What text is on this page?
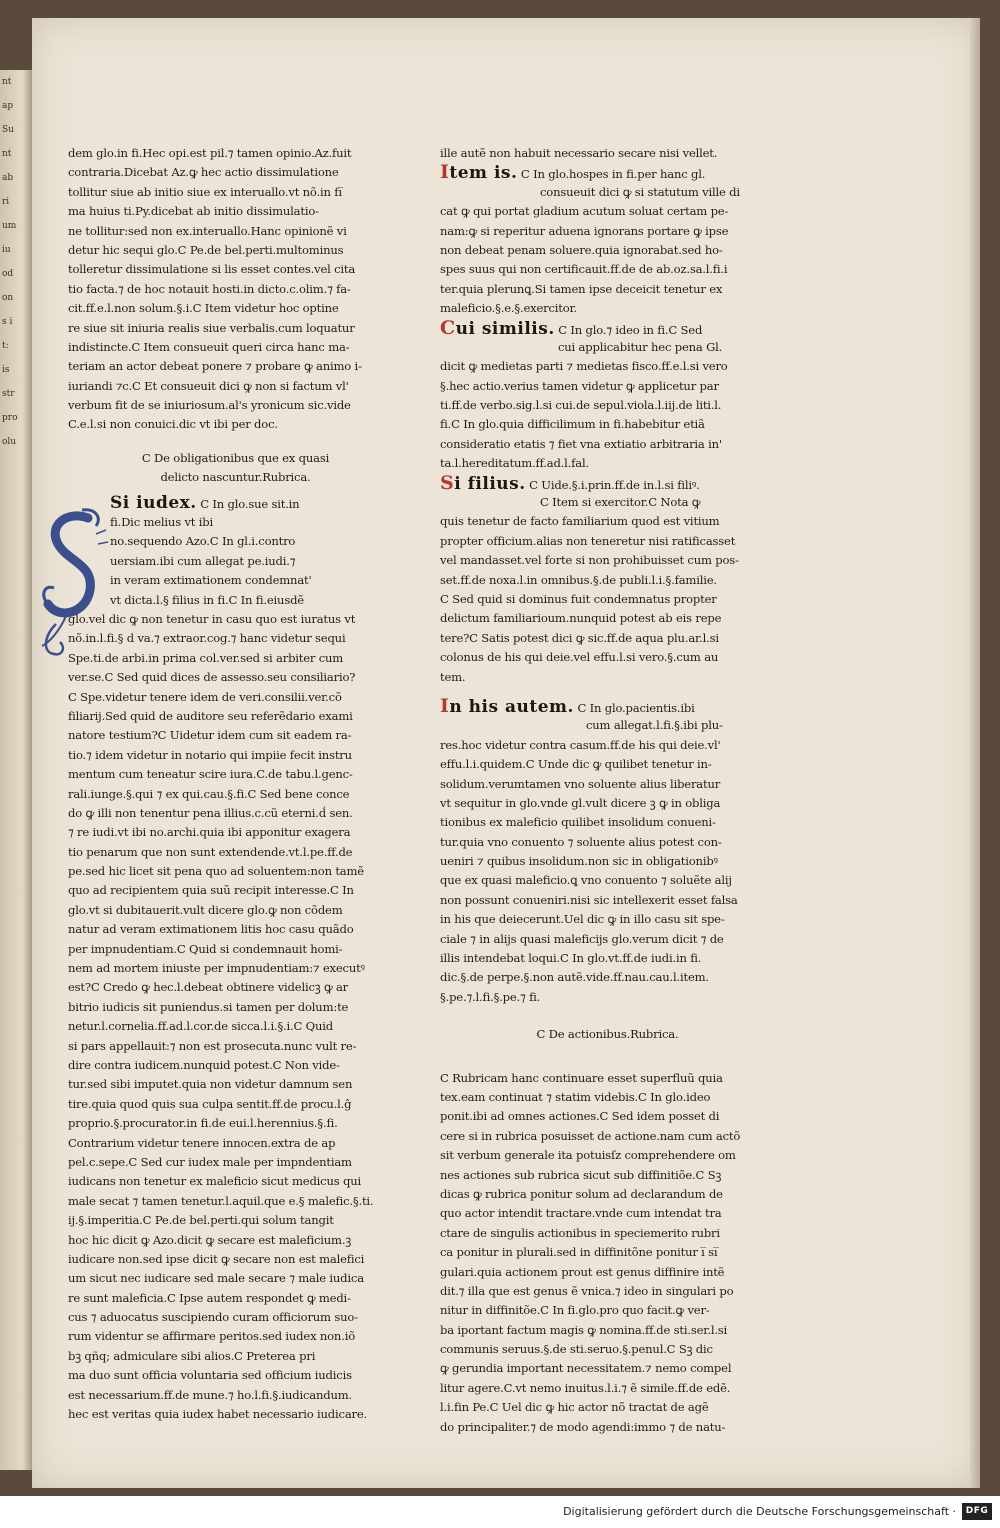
nt
ap
Su
nt
ab
ri
um
iu
od
on
s i
t:
is
str
pro
olu
dem glo.in fi.Hec opi.est pil.⁊ tamen opinio.Az.fuit
contraria.Dicebat Az.ꝙ hec actio dissimulatione
tollitur siue ab initio siue ex interuallo.vt nõ.in fi̅
ma huius ti.Py.dicebat ab initio dissimulatio-
ne tollitur:sed non ex.interuallo.Hanc opinionẽ vi
detur hic sequi glo.C Pe.de bel.perti.multominus
tolleretur dissimulatione si lis esset contes.vel cita
tio facta.⁊ de hoc notauit hosti.in dicto.c.olim.⁊ fa-
cit.ff.e.l.non solum.§.i.C Item videtur hoc optine
re siue sit iniuria realis siue verbalis.cum loquatur
indistincte.C Item consueuit queri circa hanc ma-
teriam an actor debeat ponere ⁊ probare ꝙ animo i-
iuriandi ⁊c.C Et consueuit dici ꝙ non si factum vl'
verbum fit de se iniuriosum.al's yronicum sic.vide
C.e.l.si non conuici.dic vt ibi per doc.
C De obligationibus que ex quasi
delicto nascuntur.Rubrica.
Si iudex. C In glo.sue sit.in
fi.Dic melius vt ibi
no.sequendo Azo.C In gl.i.contro
uersiam.ibi cum allegat pe.iudi.⁊
in veram extimationem condemnat'
vt dicta.l.§ filius in fi.C In fi.eiusdẽ
glo.vel dic ꝙ non tenetur in casu quo est iuratus vt
nõ.in.l.fi.§ d va.⁊ extraor.cog.⁊ hanc videtur sequi
Spe.ti.de arbi.in prima col.ver.sed si arbiter cum
ver.se.C Sed quid dices de assesso.seu consiliario?
C Spe.videtur tenere idem de veri.consilii.ver.cõ
filiarij.Sed quid de auditore seu referẽdario exami
natore testium?C Uidetur idem cum sit eadem ra-
tio.⁊ idem videtur in notario qui impiie fecit instru
mentum cum teneatur scire iura.C.de tabu.l.genc-
rali.iunge.§.qui ⁊ ex qui.cau.§.fi.C Sed bene conce
do ꝙ illi non tenentur pena illius.c.cũ eterni.ḋ sen.
⁊ re iudi.vt ibi no.archi.quia ibi apponitur exagera
tio penarum que non sunt extendende.vt.l.pe.ff.de
pe.sed hic licet sit pena quo ad soluentem:non tamẽ
quo ad recipientem quia suũ recipit interesse.C In
glo.vt si dubitauerit.vult dicere glo.ꝙ non cõdem
natur ad veram extimationem litis hoc casu quãdo
per impnudentiam.C Quid si condemnauit homi-
nem ad mortem iniuste per impnudentiam:⁊ executꝰ
est?C Credo ꝙ hec.l.debeat obtinere videlicꝫ ꝙ ar
bitrio iudicis sit puniendus.si tamen per dolum:te
netur.l.cornelia.ff.ad.l.cor.de sicca.l.i.§.i.C Quid
si pars appellauit:⁊ non est prosecuta.nunc vult re-
dire contra iudicem.nunquid potest.C Non vide-
tur.sed sibi imputet.quia non videtur damnum sen
tire.quia quod quis sua culpa sentit.ff.de procu.l.ĝ
proprio.§.procurator.in fi.de eui.l.herennius.§.fi.
Contrarium videtur tenere innocen.extra de ap
pel.c.sepe.C Sed cur iudex male per impndentiam
iudicans non tenetur ex maleficio sicut medicus qui
male secat ⁊ tamen tenetur.l.aquil.que e.§ malefic.§.ti.
ij.§.imperitia.C Pe.de bel.perti.qui solum tangit
hoc hic dicit ꝙ Azo.dicit ꝙ secare est maleficium.ꝫ
iudicare non.sed ipse dicit ꝙ secare non est malefici
um sicut nec iudicare sed male secare ⁊ male iudica
re sunt maleficia.C Ipse autem respondet ꝙ medi-
cus ⁊ aduocatus suscipiendo curam officiorum suo-
rum videntur se affirmare peritos.sed iudex non.iõ
bꝫ qñq; admiculare sibi alios.C Preterea pri
ma duo sunt officia voluntaria sed officium iudicis
est necessarium.ff.de mune.⁊ ho.l.fi.§.iudicandum.
hec est veritas quia iudex habet necessario iudicare.
ille autẽ non habuit necessario secare nisi vellet.
Item is. C In glo.hospes in fi.per hanc gl.
consueuit dici ꝙ si statutum ville di
cat ꝙ qui portat gladium acutum soluat certam pe-
nam:ꝙ si reperitur aduena ignorans portare ꝙ ipse
non debeat penam soluere.quia ignorabat.sed ho-
spes suus qui non certificauit.ff.de de ab.oz.sa.l.fi.i
ter.quia plerunꝗ.Si tamen ipse deceicit tenetur ex
maleficio.§.e.§.exercitor.
Cui similis. C In glo.⁊ ideo in fi.C Sed
cui applicabitur hec pena Gl.
dicit ꝙ medietas parti ⁊ medietas fisco.ff.e.l.si vero
§.hec actio.verius tamen videtur ꝙ applicetur par
ti.ff.de verbo.sig.l.si cui.de sepul.viola.l.iij.de liti.l.
fi.C In glo.quia difficilimum in fi.habebitur etiã
consideratio etatis ⁊ fiet vna extiatio arbitraria in'
ta.l.hereditatum.ff.ad.l.fal.
Si filius. C Uide.§.i.prin.ff.de in.l.si filiꝰ.
C Item si exercitor.C Nota ꝙ
quis tenetur de facto familiarium quod est vitium
propter officium.alias non teneretur nisi ratificasset
vel mandasset.vel forte si non prohibuisset cum pos-
set.ff.de noxa.l.in omnibus.§.de publi.l.i.§.familie.
C Sed quid si dominus fuit condemnatus propter
delictum familiarioum.nunquid potest ab eis repe
tere?C Satis potest dici ꝙ sic.ff.de aqua plu.ar.l.si
colonus de his qui deie.vel effu.l.si vero.§.cum au
tem.
In his autem. C In glo.pacientis.ibi
cum allegat.l.fi.§.ibi plu-
res.hoc videtur contra casum.ff.de his qui deie.vl'
effu.l.i.quidem.C Unde dic ꝙ quilibet tenetur in-
solidum.verumtamen vno soluente alius liberatur
vt sequitur in glo.vnde gl.vult dicere ꝫ ꝙ in obliga
tionibus ex maleficio quilibet insolidum conueni-
tur.quia vno conuento ⁊ soluente alius potest con-
ueniri ⁊ quibus insolidum.non sic in obligationibꝰ
que ex quasi maleficio.ꝗ vno conuento ⁊ soluẽte alij
non possunt conueniri.nisi sic intellexerit esset falsa
in his que deiecerunt.Uel dic ꝙ in illo casu sit spe-
ciale ⁊ in alijs quasi maleficijs glo.verum dicit ⁊ de
illis intendebat loqui.C In glo.vt.ff.de iudi.in fi.
dic.§.de perpe.§.non autẽ.vide.ff.nau.cau.l.item.
§.pe.⁊.l.fi.§.pe.⁊ fi.
C De actionibus.Rubrica.
C Rubricam hanc continuare esset superfluũ quia
tex.eam continuat ⁊ statim videbis.C In glo.ideo
ponit.ibi ad omnes actiones.C Sed idem posset di
cere si in rubrica posuisset de actione.nam cum actõ
sit verbum generale ita potuisſz comprehendere om
nes actiones sub rubrica sicut sub diffinitiõe.C Sꝫ
dicas ꝙ rubrica ponitur solum ad declarandum de
quo actor intendit tractare.vnde cum intendat tra
ctare de singulis actionibus in speciemerito rubri
ca ponitur in plurali.sed in diffinitõne ponitur i̅ si̅
gulari.quia actionem prout est genus diffinire intẽ
dit.⁊ illa que est genus ẽ vnica.⁊ ideo in singulari po
nitur in diffinitõe.C In fi.glo.pro quo facit.ꝙ ver-
ba iportant factum magis ꝙ nomina.ff.de sti.ser.l.si
communis seruus.§.de sti.seruo.§.penul.C Sꝫ dic
ꝙ gerundia important necessitatem.⁊ nemo compel
litur agere.C.vt nemo inuitus.l.i.⁊ ẽ simile.ff.de edẽ.
l.i.fin Pe.C Uel dic ꝙ hic actor nõ tractat de agẽ
do principaliter.⁊ de modo agendi:immo ⁊ de natu-
Digitalisierung gefördert durch die Deutsche Forschungsgemeinschaft ·	DFG
